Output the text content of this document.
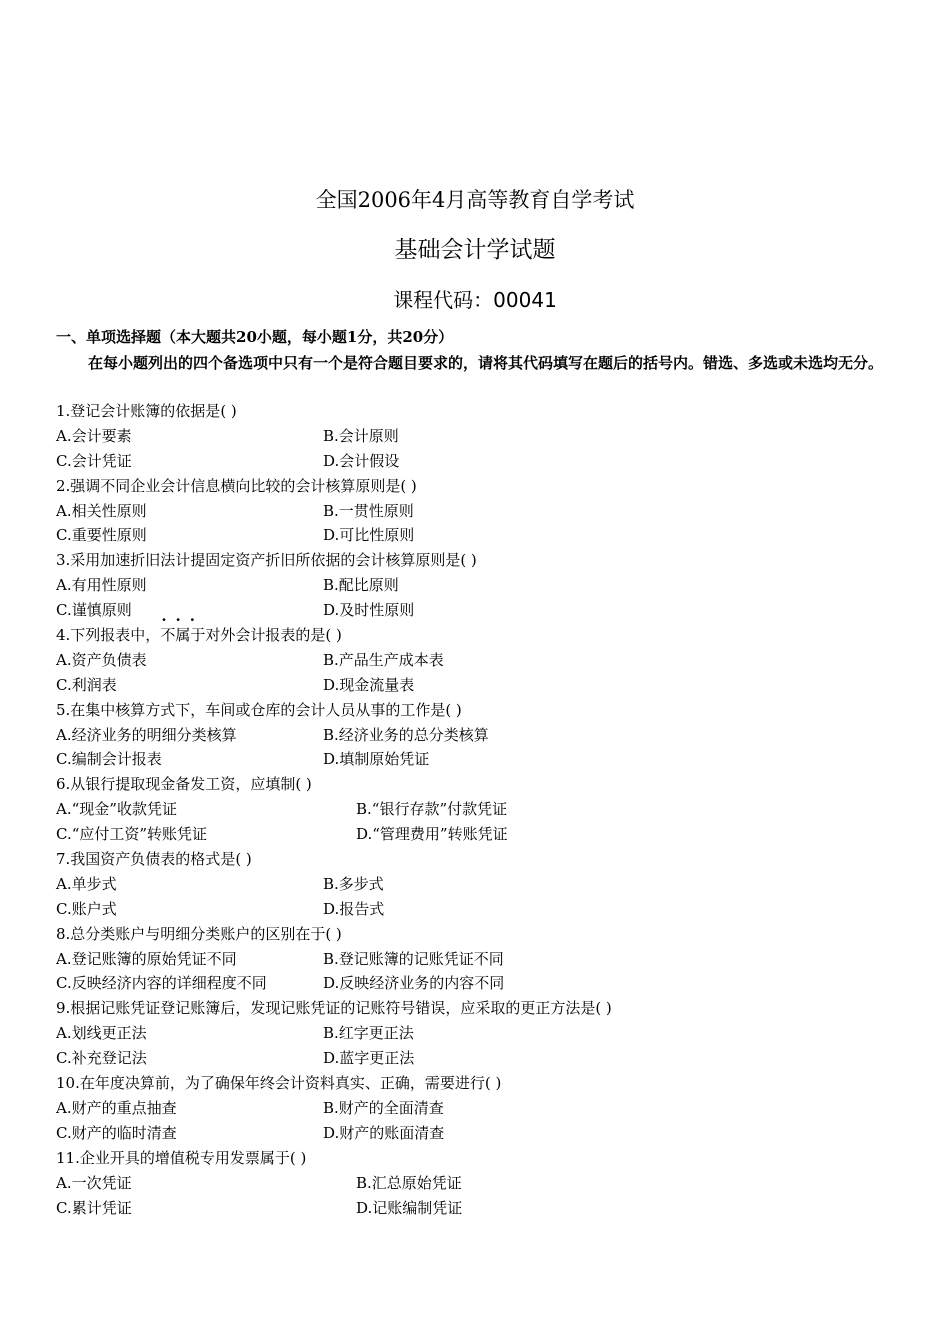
全国2006年4月高等教育自学考试
基础会计学试题
课程代码：00041
一、单项选择题（本大题共20小题，每小题1分，共20分）
在每小题列出的四个备选项中只有一个是符合题目要求的，请将其代码填写在题后的括号内。错选、多选或未选均无分。
1.登记会计账簿的依据是( )
A.会计要素	B.会计原则
C.会计凭证	D.会计假设
2.强调不同企业会计信息横向比较的会计核算原则是( )
A.相关性原则	B.一贯性原则
C.重要性原则	D.可比性原则
3.采用加速折旧法计提固定资产折旧所依据的会计核算原则是( )
A.有用性原则	B.配比原则
C.谨慎原则	D.及时性原则
4.下列报表中，· · · 不属于对外会计报表的是( )
A.资产负债表	B.产品生产成本表
C.利润表	D.现金流量表
5.在集中核算方式下，车间或仓库的会计人员从事的工作是( )
A.经济业务的明细分类核算	B.经济业务的总分类核算
C.编制会计报表	D.填制原始凭证
6.从银行提取现金备发工资，应填制( )
A.“现金”收款凭证	B.“银行存款”付款凭证
C.“应付工资”转账凭证	D.“管理费用”转账凭证
7.我国资产负债表的格式是( )
A.单步式	B.多步式
C.账户式	D.报告式
8.总分类账户与明细分类账户的区别在于( )
A.登记账簿的原始凭证不同	B.登记账簿的记账凭证不同
C.反映经济内容的详细程度不同	D.反映经济业务的内容不同
9.根据记账凭证登记账簿后，发现记账凭证的记账符号错误，应采取的更正方法是( )
A.划线更正法	B.红字更正法
C.补充登记法	D.蓝字更正法
10.在年度决算前，为了确保年终会计资料真实、正确，需要进行( )
A.财产的重点抽查	B.财产的全面清查
C.财产的临时清查	D.财产的账面清查
11.企业开具的增值税专用发票属于( )
A.一次凭证	B.汇总原始凭证
C.累计凭证	D.记账编制凭证
